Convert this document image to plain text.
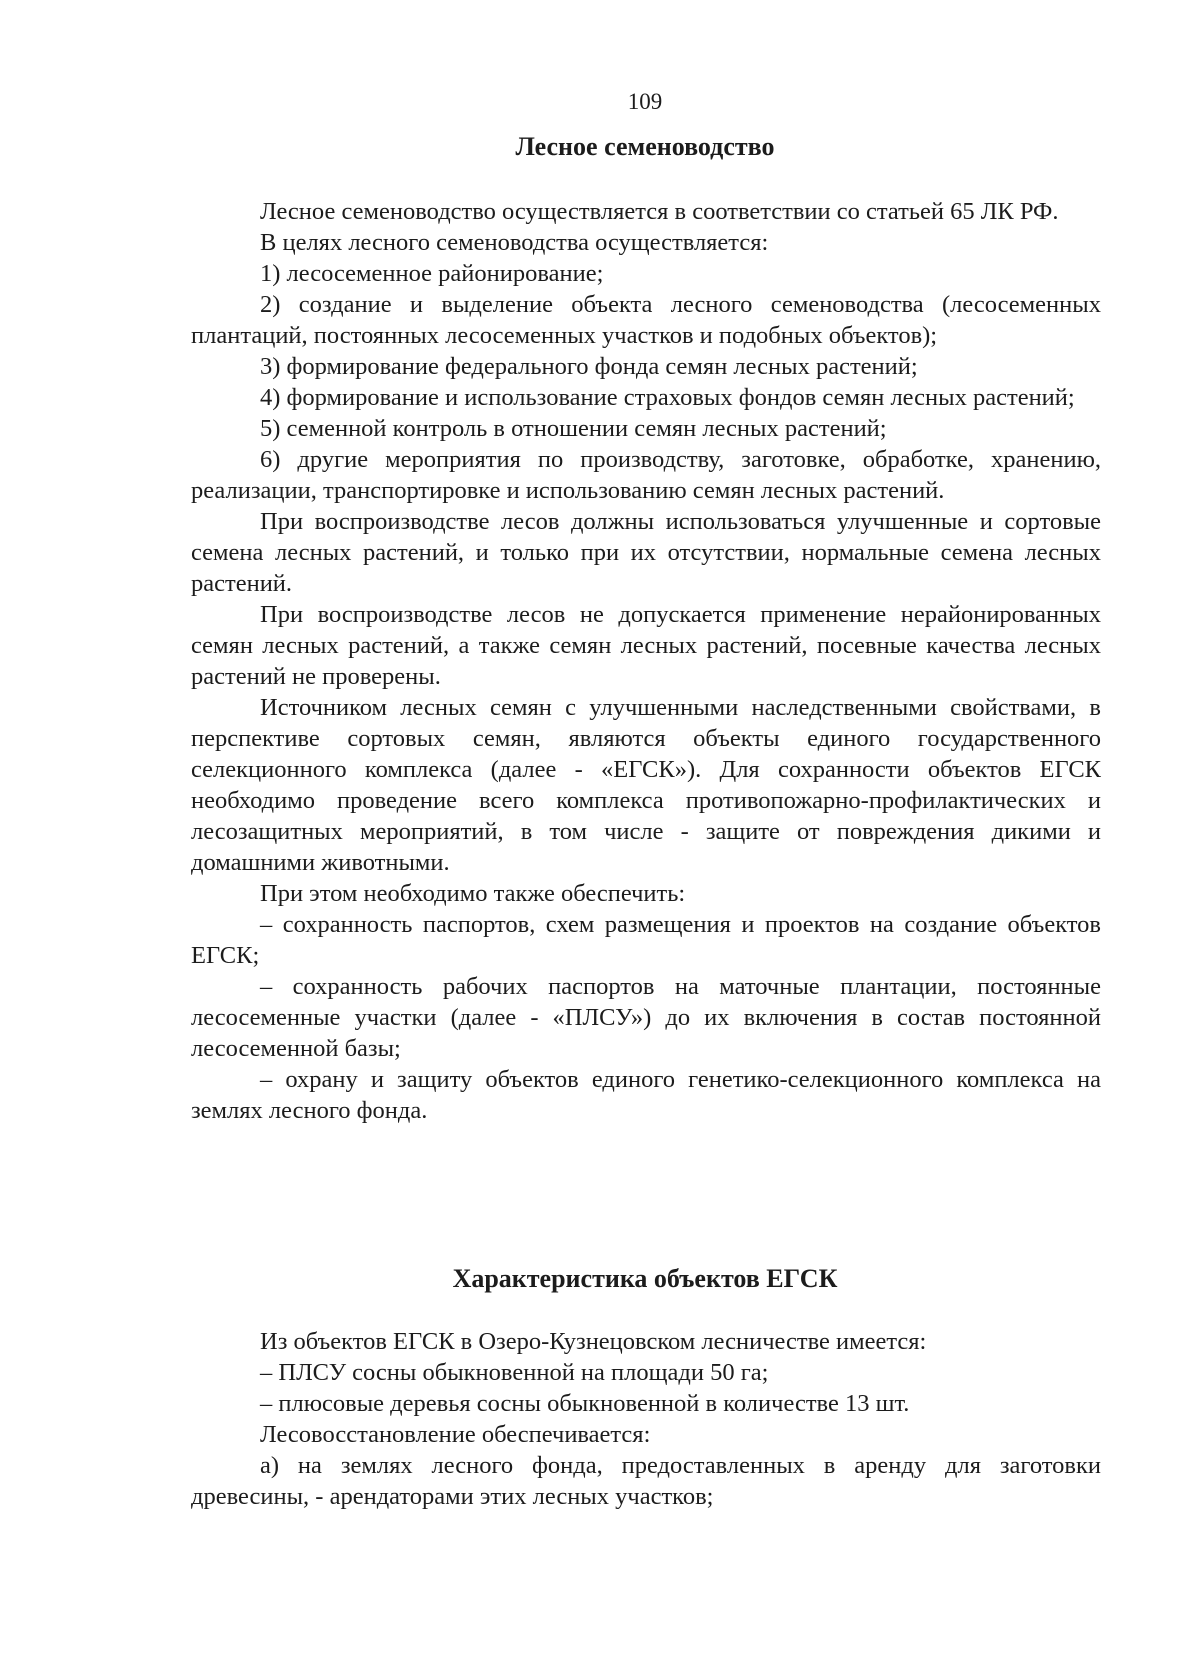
109
Лесное семеноводство

Лесное семеноводство осуществляется в соответствии со статьей 65 ЛК РФ.

В целях лесного семеноводства осуществляется:

1) лесосеменное районирование;

2) создание и выделение объекта лесного семеноводства (лесосеменных плантаций, постоянных лесосеменных участков и подобных объектов);

3) формирование федерального фонда семян лесных растений;

4) формирование и использование страховых фондов семян лесных растений;

5) семенной контроль в отношении семян лесных растений;

6) другие мероприятия по производству, заготовке, обработке, хранению, реализации, транспортировке и использованию семян лесных растений.

При воспроизводстве лесов должны использоваться улучшенные и сортовые семена лесных растений, и только при их отсутствии, нормальные семена лесных растений.

При воспроизводстве лесов не допускается применение нерайонированных семян лесных растений, а также семян лесных растений, посевные качества лесных растений не проверены.

Источником лесных семян с улучшенными наследственными свойствами, в перспективе сортовых семян, являются объекты единого государственного селекционного комплекса (далее - «ЕГСК»). Для сохранности объектов ЕГСК необходимо проведение всего комплекса противопожарно-профилактических и лесозащитных мероприятий, в том числе - защите от повреждения дикими и домашними животными.

При этом необходимо также обеспечить:

– сохранность паспортов, схем размещения и проектов на создание объектов ЕГСК;

– сохранность рабочих паспортов на маточные плантации, постоянные лесосеменные участки (далее - «ПЛСУ») до их включения в состав постоянной лесосеменной базы;

– охрану и защиту объектов единого генетико-селекционного комплекса на землях лесного фонда.

Характеристика объектов ЕГСК

Из объектов ЕГСК в Озеро-Кузнецовском лесничестве имеется:

– ПЛСУ сосны обыкновенной на площади 50 га;

– плюсовые деревья сосны обыкновенной в количестве 13 шт.

Лесовосстановление обеспечивается:

а) на землях лесного фонда, предоставленных в аренду для заготовки древесины, - арендаторами этих лесных участков;
